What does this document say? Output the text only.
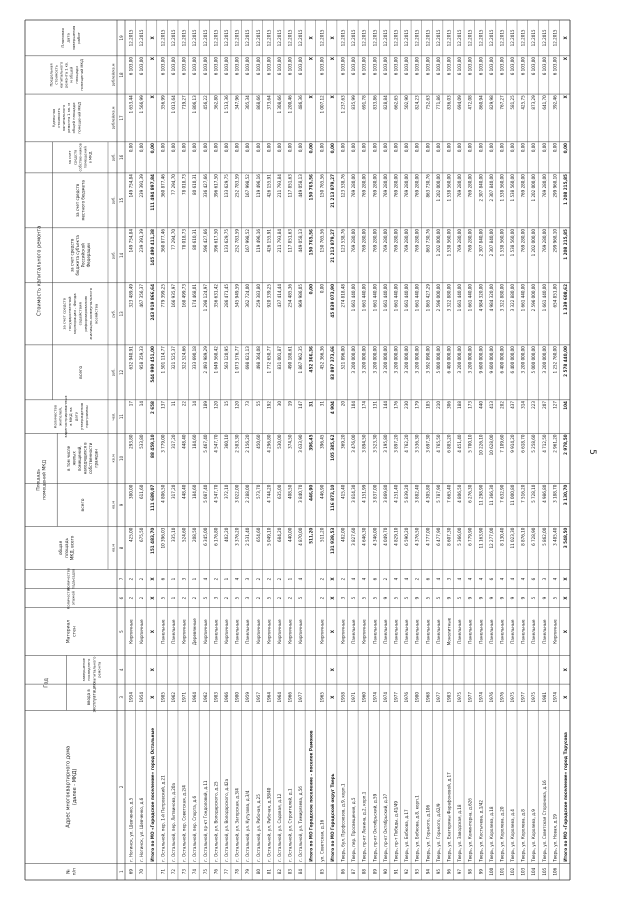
5
№п/п
Адрес многоквартирного дома(далее - МКД)
Год
ввода вэксплуатацию
завершениепоследнегокапитальногоремонта
Материалстен
Количествоэтажей
Количествоподъездов
общаяплощадьМКД, всего
Площадьпомещений МКД
всего
в том числежилыхпомещений,находящихся всобственностиграждан
Количествожителей,зарегистрированныхв МКД надатуутвержденияпрограммы
Стоимость капитального ремонта
всего
за счет средствгосударственнойкорпорации - Фондасодействияреформированиюжилищно-коммунальногохозяйства
за счет средствбюджета субъектаРоссийскойФедерации
за счет средствместного бюджета
за счетсредствсобственниковпомещенийв МКД
Удельнаястоимостькапитальногоремонта 1 кв. мобщей площадипомещений МКД
Предельнаястоимостькапитальногоремонта 1 кв.м общейплощадипомещений МКД
Плановаядатазавершенияработ
кв.м
кв.м
кв.м
чел.
руб.
руб.
руб.
руб.
руб.
рублей/кв.м
рублей/кв.м
1
2
3
4
5
6
7
8
9
10
11
12
13
14
15
16
17
18
19
69
г. Ногинск, ул. Шевченко, д.5
1954
Кирпичные
2
2
425,00
380,00
293,80
17
632 940,91
323 489,49
149 754,84
149 754,84
0,00
1 653,44
6 103,00
12.2015
70
г. Ногинск, ул. Шевченко, д.6
1954
Кирпичные
2
2
675,50
611,60
533,80
14
958 359,33
467 356,37
239 391,39
239 391,39
0,00
1 566,99
6 103,00
12.2015
Итого по МО «Городское поселение» город Остальные
X
X
X
X
X
151 483,70
111 689,07
88 459,10
2 658
544 990 451,00
243 919 866,64
145 490 411,38
111 494 897,84
0,00
X
X
X
71
г. Остальной, пер. 1-й Петровский, д.21
1985
Панельные
5
6
10 396,03
4 806,50
3 779,00
137
1 501 114,77
779 399,25
360 877,46
360 877,46
0,00
356,99
6 103,00
12.2015
72
г. Остальной, пер. Литвинова, д.20а
1962
Панельные
1
1
335,10
317,20
317,20
11
321 525,37
166 935,97
77 294,70
77 294,70
0,00
1 013,64
6 103,00
12.2015
73
г. Остальной, пер. Советская, д.2/4
1971
Кирпичные
2
3
524,60
448,40
448,40
22
322 524,66
168 499,73
78 018,73
78 018,73
0,00
719,27
6 103,00
12.2015
74
г. Остальной, пер. Спорта, д.6
1964
Деревянные
2
1
208,50
184,60
184,60
14
333 690,18
174 468,01
80 610,31
80 610,31
0,00
1 806,13
6 103,00
12.2015
75
г. Остальной, пр-кт Гондоловий, д.11
1962
Кирпичные
5
4
6 345,00
5 087,40
5 467,40
189
2 493 989,29
1 298 124,97
596 427,66
336 427,66
0,00
456,22
6 103,00
12.2015
76
г. Остальной, ул. Володарского, д.25
1983
Панельные
3
2
6 176,80
4 547,70
4 547,70
120
1 649 568,42
356 631,42
396 617,50
396 617,50
0,00
362,80
6 103,00
12.2015
77
г. Остальной, ул. Володарского, д.42а
1966
Кирпичные
2
1
402,20
372,10
360,10
15
563 120,95
286 471,45
133 629,75
133 629,75
0,00
1 513,36
6 103,00
12.2015
78
г. Остальной, ул. Загорская, д.3/4
1980
Панельные
5
4
3 376,20
3 022,00
2 583,30
120
1 073 576,77
545 949,59
252 783,59
252 783,59
0,00
347,96
6 103,00
12.2015
79
г. Остальной, ул. Кутузова, д.3/4
1959
Панельные
3
3
2 531,40
2 288,00
2 156,20
73
698 621,13
362 724,00
167 998,52
167 998,52
0,00
305,34
6 103,00
12.2015
80
г. Остальной, ул. Рабочая, д.25
1957
Кирпичные
2
2
654,60
573,70
450,60
55
498 364,08
259 383,80
119 496,16
119 496,16
0,00
868,66
6 103,00
12.2015
81
г. Остальной, ул. Рабочая, д.38/40
1964
Кирпичные
5
2
5 049,10
4 744,20
4 296,80
192
1 772 650,77
920 339,25
426 155,91
426 155,91
0,00
373,64
6 103,00
12.2015
82
г. Остальной, ул. Садовая, д.12
1964
Кирпичные
2
2
684,20
635,00
530,00
30
831 001,87
437 414,44
211 793,84
211 793,84
0,00
1 308,66
6 103,00
12.2015
83
г. Остальной, ул. Строителей, д.1
1966
Кирпичные
2
1
440,00
408,50
374,50
19
490 188,61
254 485,36
117 851,63
117 851,63
0,00
1 200,46
6 103,00
12.2015
84
г. Остальной, ул. Тимирязева, д.5б
1977
Кирпичные
5
4
4 870,00
3 840,70
3 633,90
147
1 867 962,35
969 986,05
449 058,13
449 058,13
0,00
486,36
6 103,00
12.2015
Итого по МО Городское поселение - поселок Рамонов
511,20
446,90
396,45
31
452 366,36
0,00
150 765,56
150 765,56
0,00
X
X
X
85
ул. Советская, д.16
1965
Кирпичные
2
2
511,20
446,90
396,45
31
452 366,36
0,00
150 765,56
150 765,56
0,00
1 007,12
6 103,00
12.2015
Итого по МО Городской округ Тверь
X
X
X
X
X
131 939,53
116 873,10
105 385,62
4 904
83 897 373,66
45 839 073,90
21 213 879,27
21 213 879,27
0,00
X
X
X
86
Тверь, бул. Профсоюзов, д.9, корп.1
1958
Кирпичные
3
2
482,00
415,40
369,20
20
521 896,00
274 818,48
123 538,76
123 538,76
0,00
1 237,63
6 103,00
12.2015
87
Тверь, пер. Просвещения, д.5
1971
Панельные
5
4
3 827,60
3 814,30
3 476,00
104
3 200 000,00
1 661 440,00
769 280,00
769 280,00
0,00
835,99
6 103,00
12.2015
88
Тверь, пр-кт Ленина, д.2, корп.1
1960
Кирпичные
5
4
4 646,30
4 151,99
3 894,50
174
3 200 000,00
1 661 440,00
769 280,00
769 280,00
0,00
691,78
6 103,00
12.2015
89
Тверь, пр-кт Октябрьский, д.59
1974
Панельные
5
6
4 346,00
3 837,00
3 523,30
131
3 200 000,00
1 661 440,00
769 280,00
769 280,00
0,00
833,86
6 103,00
12.2015
90
Тверь, пр-кт Октябрьский, д.37
1974
Панельные
9
2
4 049,70
3 869,80
3 195,80
144
3 200 000,00
1 661 440,00
769 280,00
769 280,00
0,00
828,84
6 103,00
12.2015
91
Тверь, пр-т Победы, д.41/49
1977
Панельные
5
4
4 829,10
4 251,40
3 897,20
176
3 200 000,00
1 661 440,00
769 280,00
769 280,00
0,00
662,65
6 103,00
12.2015
92
Тверь, ул. Бобкова, д.17
1976
Панельные
5
4
6 590,20
5 839,20
4 762,20
230
3 200 000,00
1 661 440,00
769 280,00
769 280,00
0,00
502,90
6 103,00
12.2015
93
Тверь, ул. Бобкова, д.8, корп.1
1980
Панельные
9
2
4 376,50
3 882,40
3 536,30
179
3 200 000,00
1 661 440,00
769 280,00
769 280,00
0,00
824,23
6 103,00
12.2015
94
Тверь, ул. Горького, д.106
1968
Панельные
5
6
4 777,00
4 305,80
3 697,30
185
3 592 890,00
1 865 427,29
863 730,76
863 730,76
0,00
752,63
6 103,00
12.2015
95
Тверь, ул. Горького, д.62/9
1977
Панельные
5
4
6 477,90
5 787,90
4 765,50
210
5 000 000,00
2 596 000,00
1 202 000,00
1 202 000,00
0,00
771,86
6 103,00
12.2015
96
Тверь, ул. Екатерины Фарафоновой, д.17
1983
Монолитные
9
3
8 607,30
7 665,40
6 885,20
306
6 400 000,00
3 322 880,00
1 538 560,00
1 538 560,00
0,00
836,03
6 103,00
12.2015
97
Тверь, ул. Заводская, д.18
1975
Панельные
5
4
5 366,00
4 806,50
4 451,40
188
3 200 000,00
1 661 440,00
769 280,00
769 280,00
0,00
694,09
6 103,00
12.2015
98
Тверь, ул. Коминтерна, д.62б
1977
Панельные
9
4
6 779,90
6 276,30
5 700,10
173
3 200 000,00
1 661 440,00
769 280,00
769 280,00
0,00
472,08
6 103,00
12.2015
99
Тверь, ул. Костычева, д.1/42
1974
Панельные
9
4
11 163,90
11 298,90
10 226,10
440
9 600 000,00
4 984 320,00
2 307 840,00
2 307 840,00
0,00
860,94
6 103,00
12.2015
100
Тверь, ул. Королева, д.18
1976
Панельные
9
6
12 277,00
11 366,30
10 628,00
413
9 600 000,00
4 984 320,00
2 307 840,00
2 307 840,00
0,00
829,98
6 103,00
12.2015
101
Тверь, ул. Королева, д.20
1976
Панельные
9
4
8 130,40
7 632,90
7 109,60
282
6 400 000,00
3 322 880,00
1 538 560,00
1 538 560,00
0,00
767,27
6 103,00
12.2015
102
Тверь, ул. Королева, д.4
1975
Панельные
9
4
11 023,30
11 000,80
9 914,20
437
6 400 000,00
3 322 880,00
1 538 560,00
1 538 560,00
0,00
581,25
6 103,00
12.2015
103
Тверь, ул. Королева, д.8
1977
Панельные
9
4
8 876,10
7 516,20
6 618,70
314
3 200 000,00
1 661 440,00
769 280,00
769 280,00
0,00
425,75
6 103,00
12.2015
104
Тверь, ул. Королева, д.9
1975
Панельные
5
6
6 728,90
5 728,10
5 258,60
223
5 000 000,00
2 596 000,00
1 202 000,00
1 202 000,00
0,00
873,29
6 103,00
12.2015
105
Тверь, ул. Советская Стороника, д.16
1981
Панельные
9
3
5 862,00
4 986,80
4 712,50
207
3 200 000,00
1 661 440,00
769 280,00
769 280,00
0,00
641,70
6 103,00
12.2015
106
Тверь, ул. Новая, д.19
1974
Кирпичные
5
4
3 485,40
3 188,70
2 961,20
127
1 252 760,00
654 851,80
299 968,10
299 968,10
0,00
392,46
6 103,00
12.2015
Итого по МО «Городское поселение» город Тарусова
X
X
X
X
X
3 548,50
3 130,70
2 978,50
104
2 578 440,00
1 339 608,62
1 208 215,85
1 208 215,85
0,00
X
X
X
